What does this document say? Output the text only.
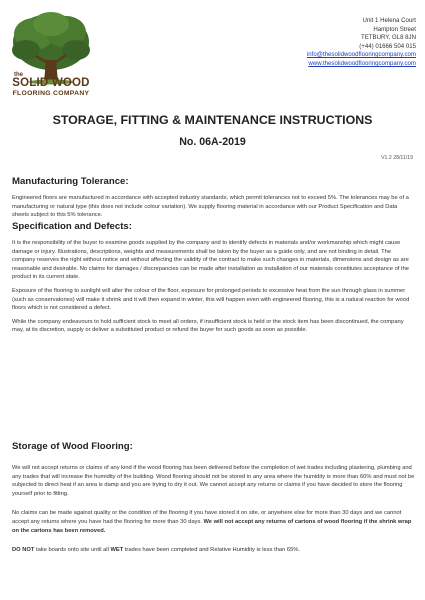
the
SOLID WOOD
FLOORING COMPANY
Unit 1 Helena Court
Hampton Street
TETBURY, GL8 8JN
(+44) 01666 504 015
info@thesolidwoodflooringcompany.com
www.thesolidwoodflooringcompany.com
STORAGE, FITTING & MAINTENANCE INSTRUCTIONS
No. 06A-2019
V1.2 28/11/19
Manufacturing Tolerance:

Engineered floors are manufactured in accordance with accepted industry standards, which permit tolerances not to exceed 5%. The tolerances may be of a manufacturing or natural type (this does not include colour variation). We supply flooring material in accordance with our Product Specification and Data sheets subject to this 5% tolerance.

Specification and Defects:

It is the responsibility of the buyer to examine goods supplied by the company and to identify defects in materials and/or workmanship which might cause damage or injury. Illustrations, descriptions, weights and measurements shall be taken by the buyer as a guide only, and are not binding in detail. The company reserves the right without notice and without affecting the validity of the contract to make such changes in materials, dimensions and design as are reasonable and desirable. No claims for damages / discrepancies can be made after installation as installation of our materials constitutes acceptance of the product in its current state.

Exposure of the flooring to sunlight will alter the colour of the floor, exposure for prolonged periods to excessive heat from the sun through glass in summer (such as conservatories) will make it shrink and it will then expand in winter, this will happen even with engineered flooring, this is a natural reaction for wood floors which is not considered a defect.

While the company endeavours to hold sufficient stock to meet all orders, if insufficient stock is held or the stock item has been discontinued, the company may, at its discretion, supply or deliver a substituted product or refund the buyer for such goods as soon as possible.

Storage of Wood Flooring:

We will not accept returns or claims of any kind if the wood flooring has been delivered before the completion of wet trades including plastering, plumbing and any trades that will increase the humidity of the building. Wood flooring should not be stored in any area where the humidity is more than 60% and must not be subjected to direct heat if an area is damp and you are trying to dry it out. We cannot accept any returns or claims if you have decided to store the flooring yourself prior to fitting.

No claims can be made against quality or the condition of the flooring if you have stored it on site, or anywhere else for more than 30 days and we cannot accept any returns where you have had the flooring for more than 30 days. We will not accept any returns of cartons of wood flooring if the shrink wrap on the cartons has been removed.

DO NOT take boards onto site until all WET trades have been completed and Relative Humidity is less than 65%.
